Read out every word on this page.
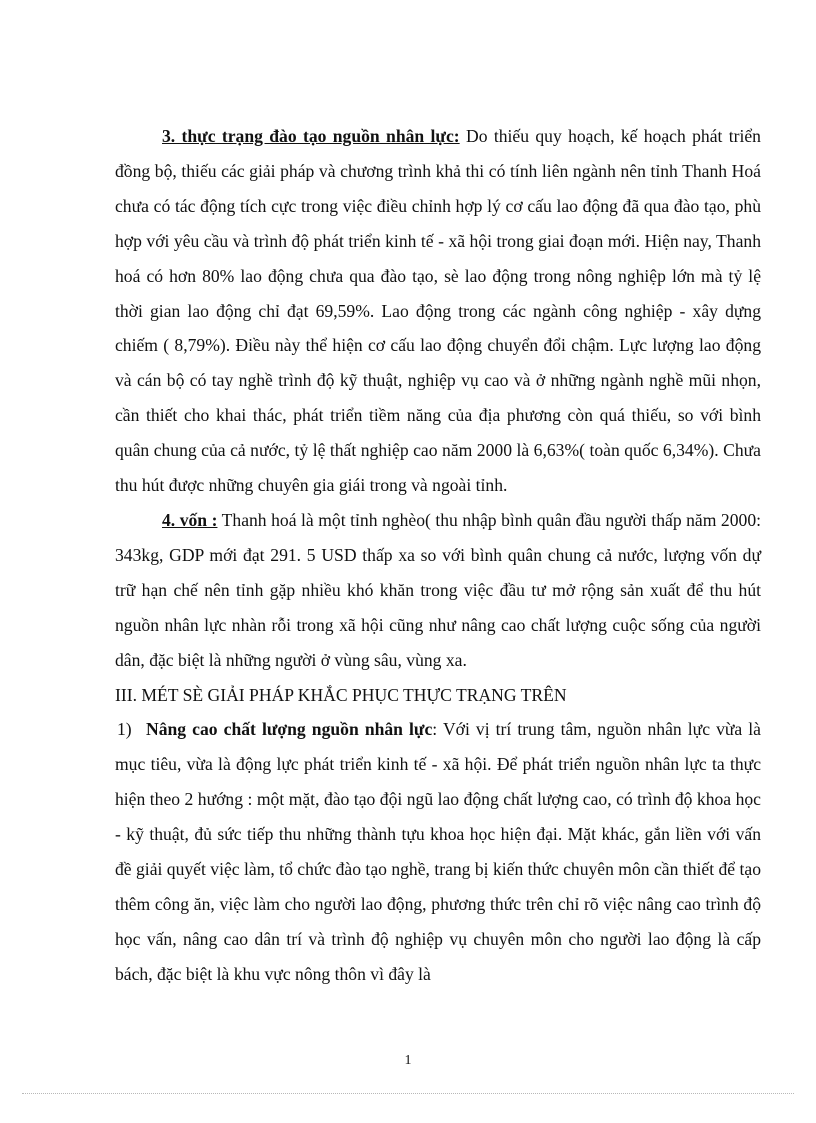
3. thực trạng đào tạo nguồn nhân lực: Do thiếu quy hoạch, kế hoạch phát triển đồng bộ, thiếu các giải pháp và chương trình khả thi có tính liên ngành nên tỉnh Thanh Hoá chưa có tác động tích cực trong việc điều chỉnh hợp lý cơ cấu lao động đã qua đào tạo, phù hợp với yêu cầu và trình độ phát triển kinh tế - xã hội trong giai đoạn mới. Hiện nay, Thanh hoá có hơn 80% lao động chưa qua đào tạo, sè lao động trong nông nghiệp lớn mà tỷ lệ thời gian lao động chỉ đạt 69,59%. Lao động trong các ngành công nghiệp - xây dựng chiếm ( 8,79%). Điều này thể hiện cơ cấu lao động chuyển đổi chậm. Lực lượng lao động và cán bộ có tay nghề trình độ kỹ thuật, nghiệp vụ cao và ở những ngành nghề mũi nhọn, cần thiết cho khai thác, phát triển tiềm năng của địa phương còn quá thiếu, so với bình quân chung của cả nước, tỷ lệ thất nghiệp cao năm 2000 là 6,63%( toàn quốc 6,34%). Chưa thu hút được những chuyên gia giái trong và ngoài tỉnh.

4. vốn : Thanh hoá là một tỉnh nghèo( thu nhập bình quân đầu người thấp năm 2000: 343kg, GDP mới đạt 291. 5 USD thấp xa so với bình quân chung cả nước, lượng vốn dự trữ hạn chế nên tỉnh gặp nhiều khó khăn trong việc đầu tư mở rộng sản xuất để thu hút nguồn nhân lực nhàn rỗi trong xã hội cũng như nâng cao chất lượng cuộc sống của người dân, đặc biệt là những người ở vùng sâu, vùng xa.

III. MÉT SÈ GIẢI PHÁP KHẮC PHỤC THỰC TRẠNG TRÊN

1) Nâng cao chất lượng nguồn nhân lực: Với vị trí trung tâm, nguồn nhân lực vừa là mục tiêu, vừa là động lực phát triển kinh tế - xã hội. Để phát triển nguồn nhân lực ta thực hiện theo 2 hướng : một mặt, đào tạo đội ngũ lao động chất lượng cao, có trình độ khoa học - kỹ thuật, đủ sức tiếp thu những thành tựu khoa học hiện đại. Mặt khác, gắn liền với vấn đề giải quyết việc làm, tổ chức đào tạo nghề, trang bị kiến thức chuyên môn cần thiết để tạo thêm công ăn, việc làm cho người lao động, phương thức trên chỉ rõ việc nâng cao trình độ học vấn, nâng cao dân trí và trình độ nghiệp vụ chuyên môn cho người lao động là cấp bách, đặc biệt là khu vực nông thôn vì đây là

1
